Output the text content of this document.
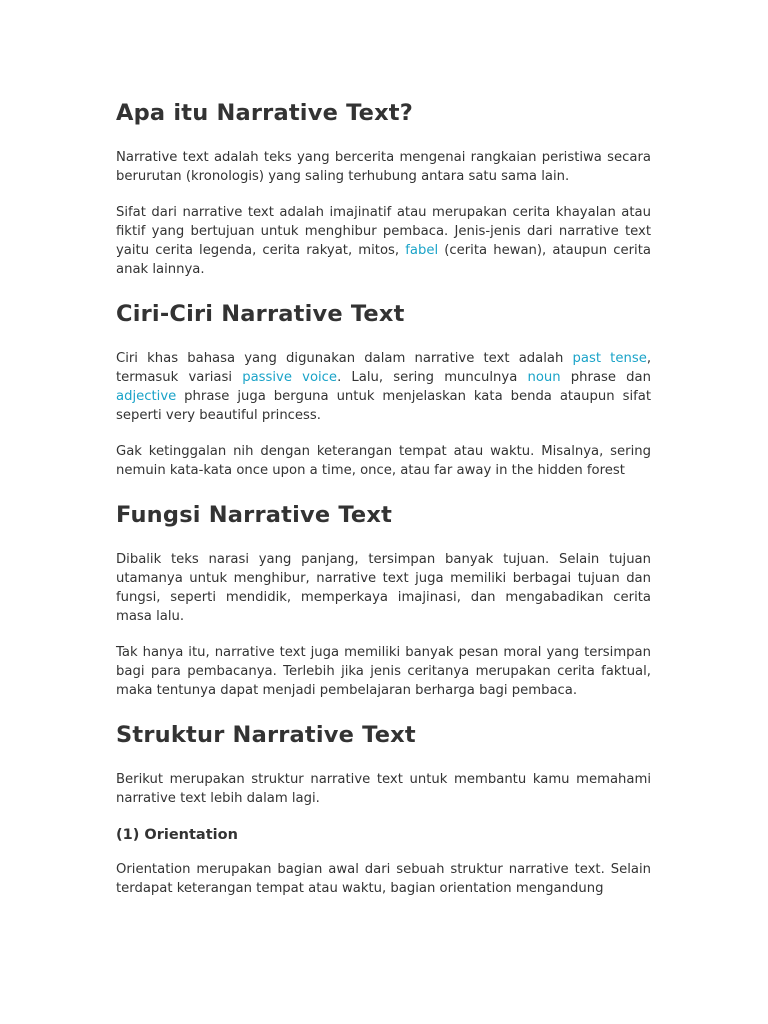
Apa itu Narrative Text?

Narrative text adalah teks yang bercerita mengenai rangkaian peristiwa secara berurutan (kronologis) yang saling terhubung antara satu sama lain.

Sifat dari narrative text adalah imajinatif atau merupakan cerita khayalan atau fiktif yang bertujuan untuk menghibur pembaca. Jenis-jenis dari narrative text yaitu cerita legenda, cerita rakyat, mitos, fabel (cerita hewan), ataupun cerita anak lainnya.

Ciri-Ciri Narrative Text

Ciri khas bahasa yang digunakan dalam narrative text adalah past tense, termasuk variasi passive voice. Lalu, sering munculnya noun phrase dan adjective phrase juga berguna untuk menjelaskan kata benda ataupun sifat seperti very beautiful princess.

Gak ketinggalan nih dengan keterangan tempat atau waktu. Misalnya, sering nemuin kata-kata once upon a time, once, atau far away in the hidden forest

Fungsi Narrative Text

Dibalik teks narasi yang panjang, tersimpan banyak tujuan. Selain tujuan utamanya untuk menghibur, narrative text juga memiliki berbagai tujuan dan fungsi, seperti mendidik, memperkaya imajinasi, dan mengabadikan cerita masa lalu.

Tak hanya itu, narrative text juga memiliki banyak pesan moral yang tersimpan bagi para pembacanya. Terlebih jika jenis ceritanya merupakan cerita faktual, maka tentunya dapat menjadi pembelajaran berharga bagi pembaca.

Struktur Narrative Text

Berikut merupakan struktur narrative text untuk membantu kamu memahami narrative text lebih dalam lagi.

(1) Orientation

Orientation merupakan bagian awal dari sebuah struktur narrative text. Selain terdapat keterangan tempat atau waktu, bagian orientation mengandung
